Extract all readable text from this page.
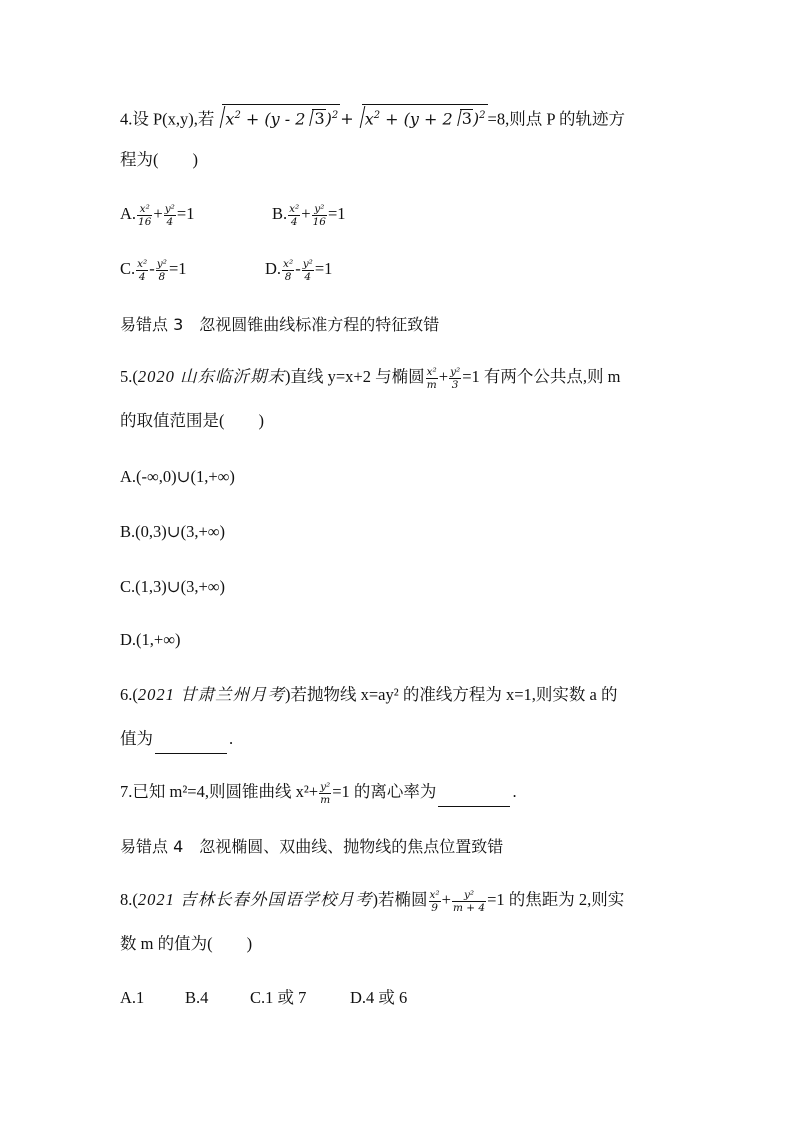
4.设 P(x,y),若 $x^2 + (y - 2$ $3)^2 + x^2 + (y + 2$ 3)$^2$ =8,则点 P 的轨迹方
程为( )
A. $\frac{\text{x²}}{16} + \frac{\text{y²}}{4} =1$	B. $\frac{\text{x²}}{4} + \frac{\text{y²}}{16} =1$
C. $\frac{\text{x²}}{4} - \frac{\text{y²}}{8} =1$	D. $\frac{\text{x²}}{8} - \frac{\text{y²}}{4} =1$
易错点 3　忽视圆锥曲线标准方程的特征致错
5.(2020 山东临沂期末)直线 y=x+2 与椭圆 $\frac{\text{x²}}{m} + \frac{\text{y²}}{3} =1$ 有两个公共点,则 m
的取值范围是( )
A.(-∞,0)∪(1,+∞)
B.(0,3)∪(3,+∞)
C.(1,3)∪(3,+∞)
D.(1,+∞)
6.(2021 甘肃兰州月考)若抛物线 x=ay² 的准线方程为 x=1,则实数 a 的
值为	.
7.已知 m²=4,则圆锥曲线 $x^2+ \frac{\text{y²}}{m} =1$ 的离心率为	.
易错点 4　忽视椭圆、双曲线、抛物线的焦点位置致错
8.(2021 吉林长春外国语学校月考)若椭圆 $\frac{\text{x²}}{9} + \frac{\text{y²}}{m + 4} =1$ 的焦距为 2,则实
数 m 的值为( )
A.1 B.4	C.1 或 7	D.4 或 6
